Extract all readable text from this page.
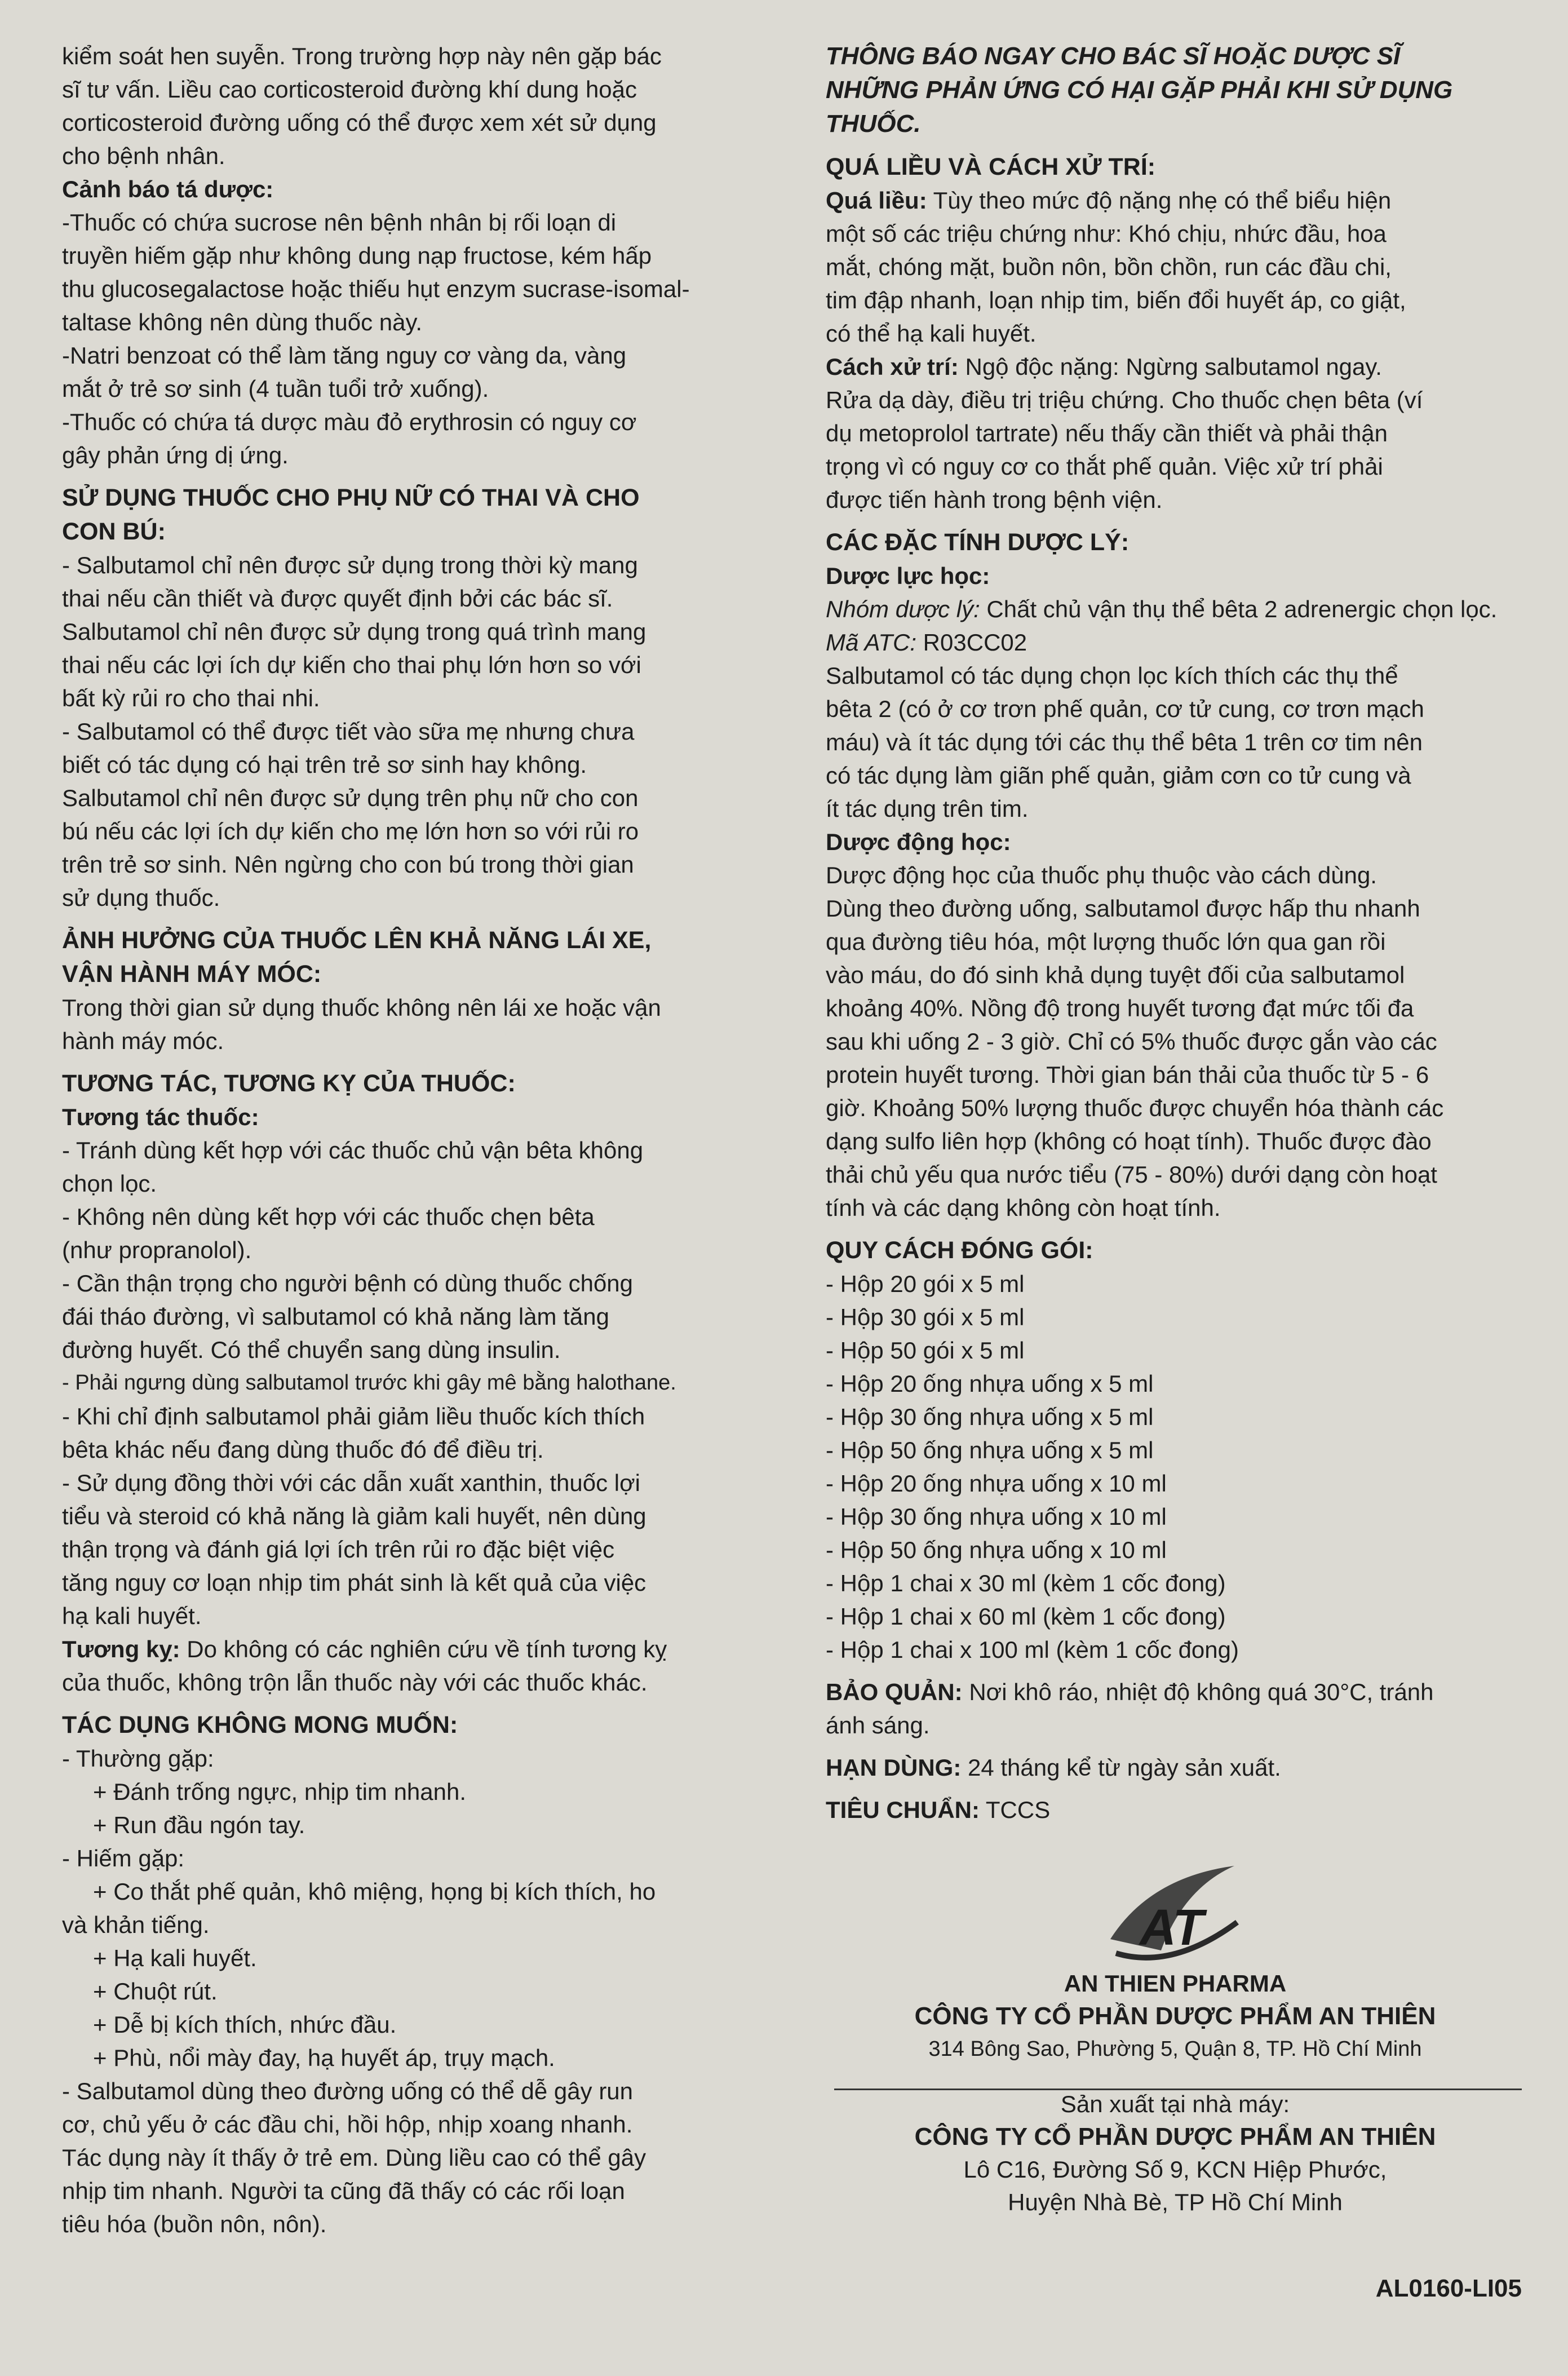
kiểm soát hen suyễn. Trong trường hợp này nên gặp bác
sĩ tư vấn. Liều cao corticosteroid đường khí dung hoặc
corticosteroid đường uống có thể được xem xét sử dụng
cho bệnh nhân.
Cảnh báo tá dược:
-Thuốc có chứa sucrose nên bệnh nhân bị rối loạn di
truyền hiếm gặp như không dung nạp fructose, kém hấp
thu glucosegalactose hoặc thiếu hụt enzym sucrase-isomal-
taltase không nên dùng thuốc này.
-Natri benzoat có thể làm tăng nguy cơ vàng da, vàng
mắt ở trẻ sơ sinh (4 tuần tuổi trở xuống).
-Thuốc có chứa tá dược màu đỏ erythrosin có nguy cơ
gây phản ứng dị ứng.
SỬ DỤNG THUỐC CHO PHỤ NỮ CÓ THAI VÀ CHO
CON BÚ:
- Salbutamol chỉ nên được sử dụng trong thời kỳ mang
thai nếu cần thiết và được quyết định bởi các bác sĩ.
Salbutamol chỉ nên được sử dụng trong quá trình mang
thai nếu các lợi ích dự kiến cho thai phụ lớn hơn so với
bất kỳ rủi ro cho thai nhi.
- Salbutamol có thể được tiết vào sữa mẹ nhưng chưa
biết có tác dụng có hại trên trẻ sơ sinh hay không.
Salbutamol chỉ nên được sử dụng trên phụ nữ cho con
bú nếu các lợi ích dự kiến cho mẹ lớn hơn so với rủi ro
trên trẻ sơ sinh. Nên ngừng cho con bú trong thời gian
sử dụng thuốc.
ẢNH HƯỞNG CỦA THUỐC LÊN KHẢ NĂNG LÁI XE,
VẬN HÀNH MÁY MÓC:
Trong thời gian sử dụng thuốc không nên lái xe hoặc vận
hành máy móc.
TƯƠNG TÁC, TƯƠNG KỴ CỦA THUỐC:
Tương tác thuốc:
- Tránh dùng kết hợp với các thuốc chủ vận bêta không
chọn lọc.
- Không nên dùng kết hợp với các thuốc chẹn bêta
(như propranolol).
- Cần thận trọng cho người bệnh có dùng thuốc chống
đái tháo đường, vì salbutamol có khả năng làm tăng
đường huyết. Có thể chuyển sang dùng insulin.
- Phải ngưng dùng salbutamol trước khi gây mê bằng halothane.
- Khi chỉ định salbutamol phải giảm liều thuốc kích thích
bêta khác nếu đang dùng thuốc đó để điều trị.
- Sử dụng đồng thời với các dẫn xuất xanthin, thuốc lợi
tiểu và steroid có khả năng là giảm kali huyết, nên dùng
thận trọng và đánh giá lợi ích trên rủi ro đặc biệt việc
tăng nguy cơ loạn nhịp tim phát sinh là kết quả của việc
hạ kali huyết.
Tương kỵ: Do không có các nghiên cứu về tính tương kỵ
của thuốc, không trộn lẫn thuốc này với các thuốc khác.
TÁC DỤNG KHÔNG MONG MUỐN:
- Thường gặp:
+ Đánh trống ngực, nhịp tim nhanh.
+ Run đầu ngón tay.
- Hiếm gặp:
+ Co thắt phế quản, khô miệng, họng bị kích thích, ho
và khản tiếng.
+ Hạ kali huyết.
+ Chuột rút.
+ Dễ bị kích thích, nhức đầu.
+ Phù, nổi mày đay, hạ huyết áp, trụy mạch.
- Salbutamol dùng theo đường uống có thể dễ gây run
cơ, chủ yếu ở các đầu chi, hồi hộp, nhịp xoang nhanh.
Tác dụng này ít thấy ở trẻ em. Dùng liều cao có thể gây
nhịp tim nhanh. Người ta cũng đã thấy có các rối loạn
tiêu hóa (buồn nôn, nôn).
THÔNG BÁO NGAY CHO BÁC SĨ HOẶC DƯỢC SĨ
NHỮNG PHẢN ỨNG CÓ HẠI GẶP PHẢI KHI SỬ DỤNG
THUỐC.
QUÁ LIỀU VÀ CÁCH XỬ TRÍ:
Quá liều: Tùy theo mức độ nặng nhẹ có thể biểu hiện
một số các triệu chứng như: Khó chịu, nhức đầu, hoa
mắt, chóng mặt, buồn nôn, bồn chồn, run các đầu chi,
tim đập nhanh, loạn nhịp tim, biến đổi huyết áp, co giật,
có thể hạ kali huyết.
Cách xử trí: Ngộ độc nặng: Ngừng salbutamol ngay.
Rửa dạ dày, điều trị triệu chứng. Cho thuốc chẹn bêta (ví
dụ metoprolol tartrate) nếu thấy cần thiết và phải thận
trọng vì có nguy cơ co thắt phế quản. Việc xử trí phải
được tiến hành trong bệnh viện.
CÁC ĐẶC TÍNH DƯỢC LÝ:
Dược lực học:
Nhóm dược lý: Chất chủ vận thụ thể bêta 2 adrenergic chọn lọc.
Mã ATC: R03CC02
Salbutamol có tác dụng chọn lọc kích thích các thụ thể
bêta 2 (có ở cơ trơn phế quản, cơ tử cung, cơ trơn mạch
máu) và ít tác dụng tới các thụ thể bêta 1 trên cơ tim nên
có tác dụng làm giãn phế quản, giảm cơn co tử cung và
ít tác dụng trên tim.
Dược động học:
Dược động học của thuốc phụ thuộc vào cách dùng.
Dùng theo đường uống, salbutamol được hấp thu nhanh
qua đường tiêu hóa, một lượng thuốc lớn qua gan rồi
vào máu, do đó sinh khả dụng tuyệt đối của salbutamol
khoảng 40%. Nồng độ trong huyết tương đạt mức tối đa
sau khi uống 2 - 3 giờ. Chỉ có 5% thuốc được gắn vào các
protein huyết tương. Thời gian bán thải của thuốc từ 5 - 6
giờ. Khoảng 50% lượng thuốc được chuyển hóa thành các
dạng sulfo liên hợp (không có hoạt tính). Thuốc được đào
thải chủ yếu qua nước tiểu (75 - 80%) dưới dạng còn hoạt
tính và các dạng không còn hoạt tính.
QUY CÁCH ĐÓNG GÓI:
- Hộp 20 gói x 5 ml
- Hộp 30 gói x 5 ml
- Hộp 50 gói x 5 ml
- Hộp 20 ống nhựa uống x 5 ml
- Hộp 30 ống nhựa uống x 5 ml
- Hộp 50 ống nhựa uống x 5 ml
- Hộp 20 ống nhựa uống x 10 ml
- Hộp 30 ống nhựa uống x 10 ml
- Hộp 50 ống nhựa uống x 10 ml
- Hộp 1 chai x 30 ml (kèm 1 cốc đong)
- Hộp 1 chai x 60 ml (kèm 1 cốc đong)
- Hộp 1 chai x 100 ml (kèm 1 cốc đong)
BẢO QUẢN: Nơi khô ráo, nhiệt độ không quá 30°C, tránh
ánh sáng.
HẠN DÙNG: 24 tháng kể từ ngày sản xuất.
TIÊU CHUẨN: TCCS
AT
AN THIEN PHARMA
CÔNG TY CỔ PHẦN DƯỢC PHẨM AN THIÊN
314 Bông Sao, Phường 5, Quận 8, TP. Hồ Chí Minh
Sản xuất tại nhà máy:
CÔNG TY CỔ PHẦN DƯỢC PHẨM AN THIÊN
Lô C16, Đường Số 9, KCN Hiệp Phước,
Huyện Nhà Bè, TP Hồ Chí Minh
AL0160-LI05
